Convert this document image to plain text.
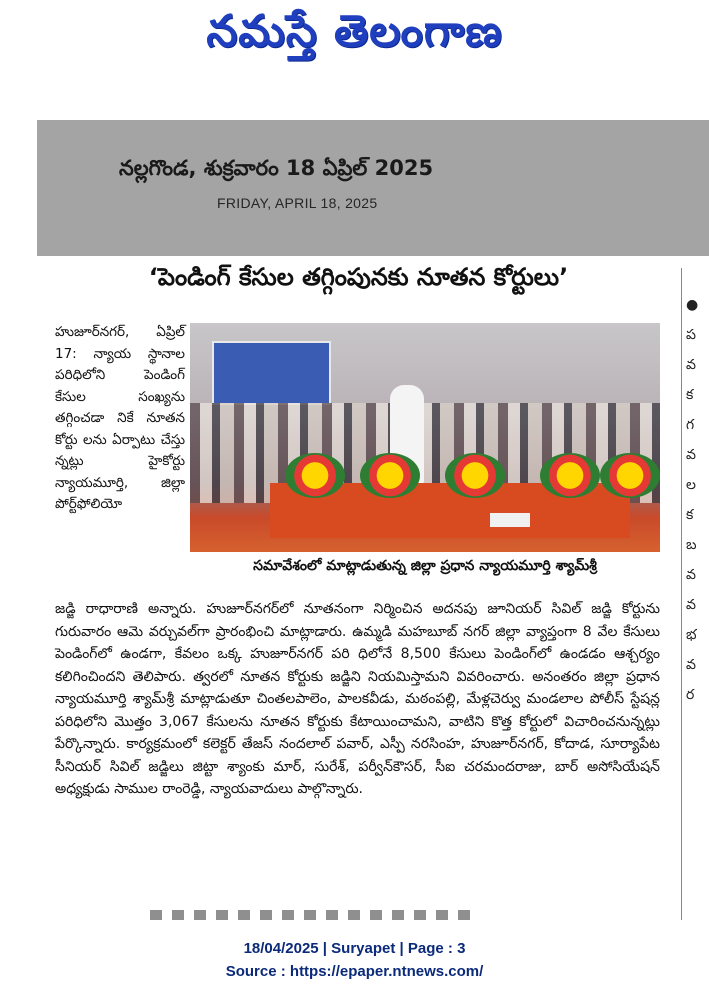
నమస్తే తెలంగాణ
నల్లగొండ, శుక్రవారం 18 ఏప్రిల్ 2025
FRIDAY, APRIL 18, 2025
‘పెండింగ్ కేసుల తగ్గింపునకు నూతన కోర్టులు’
హుజూర్‌నగర్, ఏప్రిల్ 17: న్యాయ స్థానాల పరిధిలోని పెండింగ్ కేసుల సంఖ్యను తగ్గించడా నికే నూతన కోర్టు లను ఏర్పాటు చేస్తు న్నట్లు హైకోర్టు న్యాయమూర్తి, జిల్లా పోర్ట్‌ఫోలియో
సమావేశంలో మాట్లాడుతున్న జిల్లా ప్రధాన న్యాయమూర్తి శ్యామ్‌శ్రీ

జడ్జి రాధారాణి అన్నారు. హుజూర్‌నగర్‌లో నూతనంగా నిర్మించిన అదనపు జూనియర్ సివిల్ జడ్జి కోర్టును గురువారం ఆమె వర్చువల్‌గా ప్రారంభించి మాట్లాడారు. ఉమ్మడి మహబూబ్ నగర్ జిల్లా వ్యాప్తంగా 8 వేల కేసులు పెండింగ్‌లో ఉండగా, కేవలం ఒక్క హుజూర్‌నగర్ పరి ధిలోనే 8,500 కేసులు పెండింగ్‌లో ఉండడం ఆశ్చర్యం కలిగించిందని తెలిపారు. త్వరలో నూతన కోర్టుకు జడ్జిని నియమిస్తామని వివరించారు. అనంతరం జిల్లా ప్రధాన న్యాయమూర్తి శ్యామ్‌శ్రీ మాట్లాడుతూ చింతలపాలెం, పాలకవీడు, మఠంపల్లి, మేళ్లచెర్వు మండలాల పోలీస్ స్టేషన్ల పరిధిలోని మొత్తం 3,067 కేసులను నూతన కోర్టుకు కేటాయించామని, వాటిని కొత్త కోర్టులో విచారించనున్నట్లు పేర్కొన్నారు. కార్యక్రమంలో కలెక్టర్ తేజస్ నందలాల్ పవార్, ఎస్పీ నరసింహ, హుజూర్‌నగర్, కోదాడ, సూర్యాపేట సీనియర్ సివిల్ జడ్జిలు జిట్టా శ్యాంకు మార్, సురేశ్, పర్వీన్‌కౌసర్, సీఐ చరమందరాజు, బార్ అసోసియేషన్ అధ్యక్షుడు సాముల రాంరెడ్డి, న్యాయవాదులు పాల్గొన్నారు.

●
ప
వ
క
గ
వ
ల
క
బ
వ
వ
భ
వ
ర
18/04/2025 | Suryapet | Page : 3
Source : https://epaper.ntnews.com/
